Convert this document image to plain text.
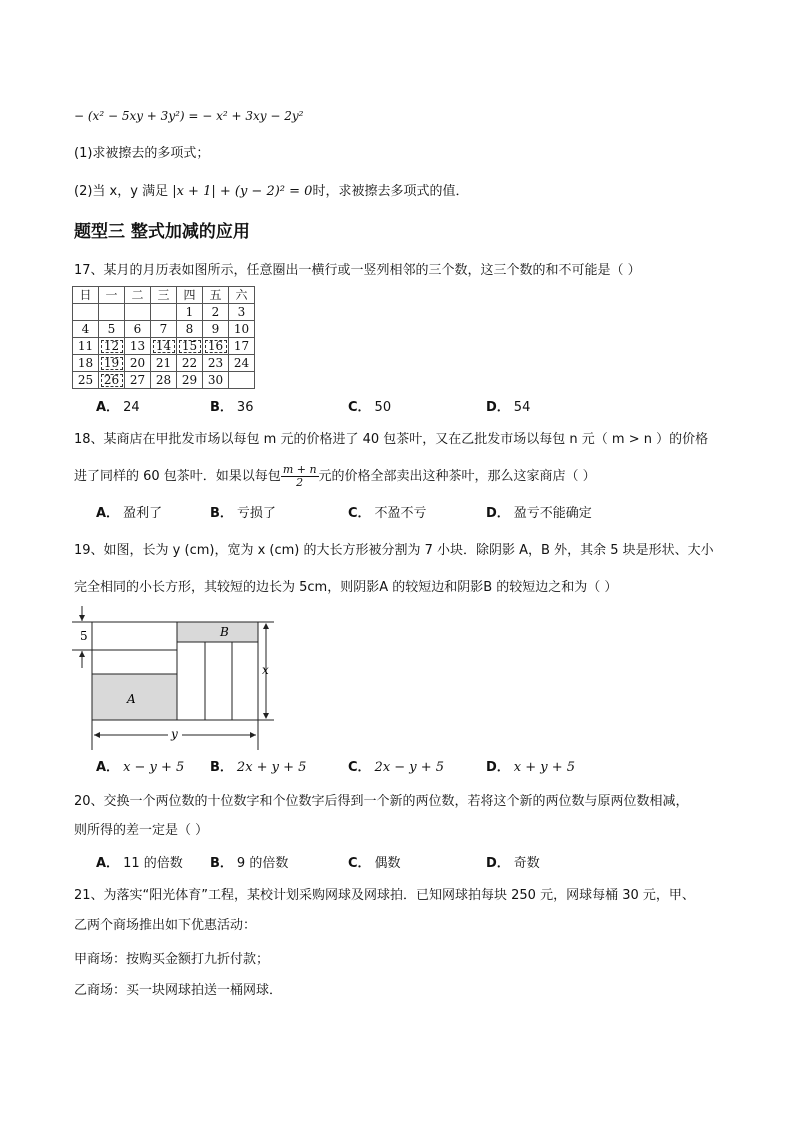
− (x² − 5xy + 3y²) = − x² + 3xy − 2y²
(1)求被擦去的多项式；
(2)当 x，y 满足 |x + 1| + (y − 2)² = 0时，求被擦去多项式的值．
题型三 整式加减的应用
17、某月的月历表如图所示，任意圈出一横行或一竖列相邻的三个数，这三个数的和不可能是（ ）
日	一	二	三	四	五	六
				1	2	3
4	5	6	7	8	9	10
11	12	13	14	15	16	17
18	19	20	21	22	23	24
25	26	27	28	29	30	
A． 24	B． 36	C． 50	D． 54
18、某商店在甲批发市场以每包 m 元的价格进了 40 包茶叶，又在乙批发市场以每包 n 元（ m > n ）的价格
进了同样的 60 包茶叶．如果以每包 $\frac{m + n}{2}$ 元的价格全部卖出这种茶叶，那么这家商店（ ）
A． 盈利了	B． 亏损了	C． 不盈不亏	D． 盈亏不能确定
19、如图，长为 y (cm)，宽为 x (cm) 的大长方形被分割为 7 小块．除阴影 A，B 外，其余 5 块是形状、大小
完全相同的小长方形，其较短的边长为 5cm，则阴影A 的较短边和阴影B 的较短边之和为（ ）
5
A
B
x
y
A． x − y + 5 B． 2x + y + 5	C． 2x − y + 5	D． x + y + 5
20、交换一个两位数的十位数字和个位数字后得到一个新的两位数，若将这个新的两位数与原两位数相减，
则所得的差一定是（ ）
A． 11 的倍数 B． 9 的倍数	C． 偶数	D． 奇数
21、为落实“阳光体育”工程，某校计划采购网球及网球拍．已知网球拍每块 250 元，网球每桶 30 元，甲、
乙两个商场推出如下优惠活动：
甲商场：按购买金额打九折付款；
乙商场：买一块网球拍送一桶网球．
